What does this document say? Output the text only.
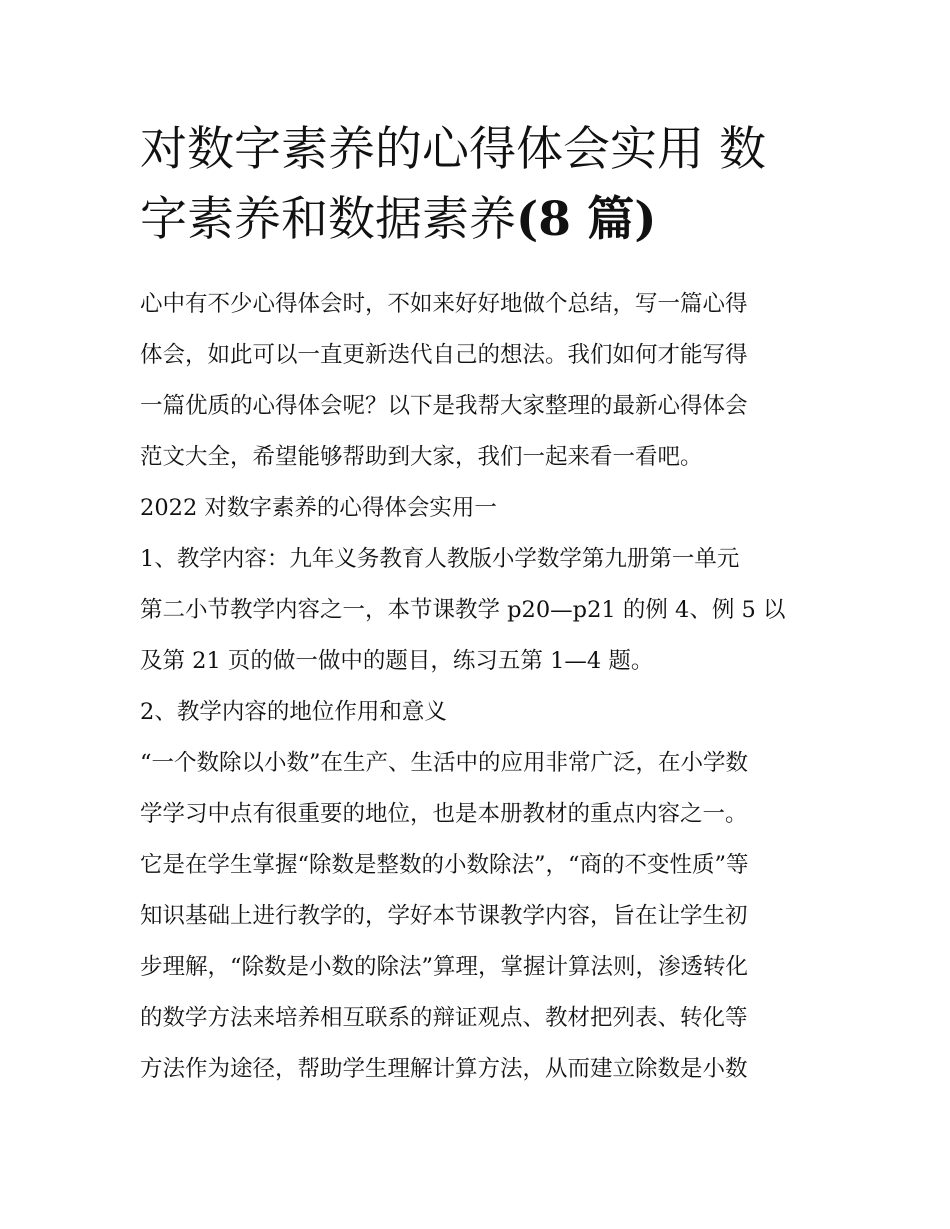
对数字素养的心得体会实用 数
字素养和数据素养(8 篇)

心中有不少心得体会时，不如来好好地做个总结，写一篇心得
体会，如此可以一直更新迭代自己的想法。我们如何才能写得
一篇优质的心得体会呢？以下是我帮大家整理的最新心得体会
范文大全，希望能够帮助到大家，我们一起来看一看吧。

2022 对数字素养的心得体会实用一

1、教学内容：九年义务教育人教版小学数学第九册第一单元
第二小节教学内容之一，本节课教学 p20—p21 的例 4、例 5 以
及第 21 页的做一做中的题目，练习五第 1—4 题。

2、教学内容的地位作用和意义

“一个数除以小数”在生产、生活中的应用非常广泛，在小学数
学学习中点有很重要的地位，也是本册教材的重点内容之一。
它是在学生掌握“除数是整数的小数除法”，“商的不变性质”等
知识基础上进行教学的，学好本节课教学内容，旨在让学生初
步理解，“除数是小数的除法”算理，掌握计算法则，渗透转化
的数学方法来培养相互联系的辩证观点、教材把列表、转化等
方法作为途径，帮助学生理解计算方法，从而建立除数是小数
